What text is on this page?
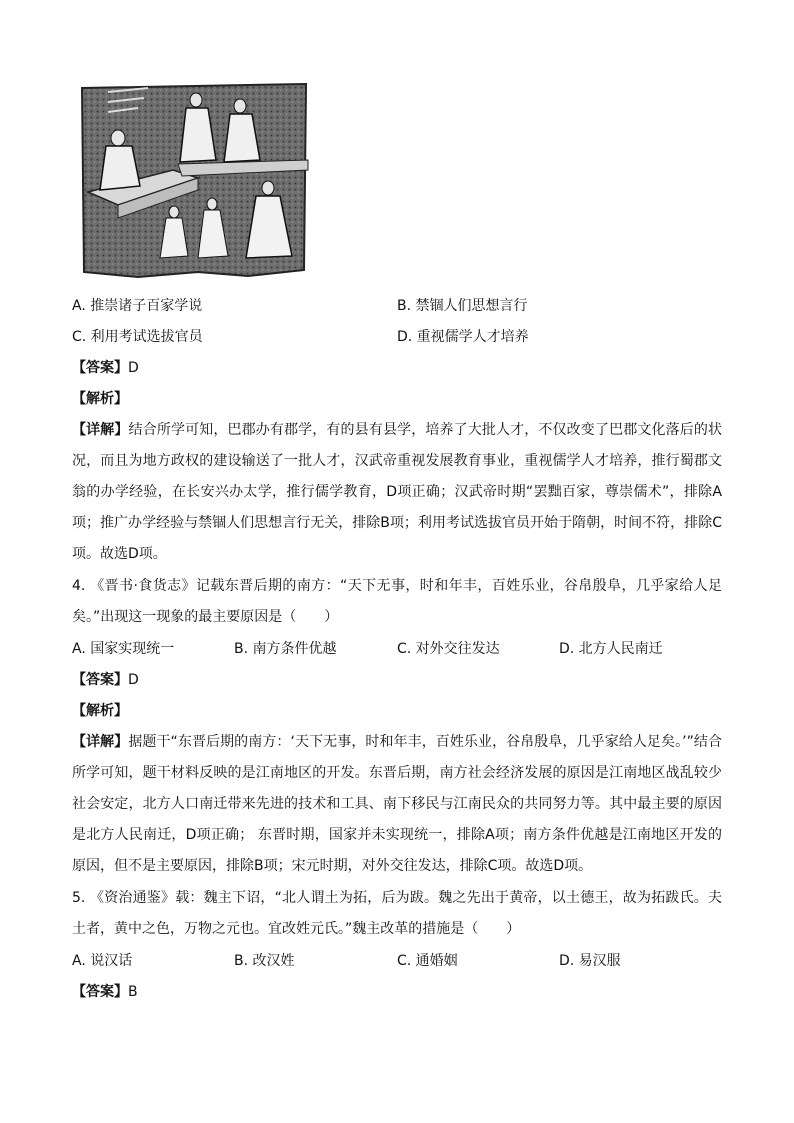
A. 推崇诸子百家学说	B. 禁锢人们思想言行
C. 利用考试选拔官员	D. 重视儒学人才培养
【答案】D
【解析】
【详解】结合所学可知，巴郡办有郡学，有的县有县学，培养了大批人才，不仅改变了巴郡文化落后的状况，而且为地方政权的建设输送了一批人才，汉武帝重视发展教育事业，重视儒学人才培养，推行蜀郡文翁的办学经验，在长安兴办太学，推行儒学教育，D项正确；汉武帝时期“罢黜百家，尊崇儒术”，排除A项；推广办学经验与禁锢人们思想言行无关，排除B项；利用考试选拔官员开始于隋朝，时间不符，排除C项。故选D项。
4. 《晋书·食货志》记载东晋后期的南方：“天下无事，时和年丰，百姓乐业，谷帛殷阜，几乎家给人足矣。”出现这一现象的最主要原因是（　　）
A. 国家实现统一	B. 南方条件优越	C. 对外交往发达	D. 北方人民南迁
【答案】D
【解析】
【详解】据题干“东晋后期的南方：‘天下无事，时和年丰，百姓乐业，谷帛殷阜，几乎家给人足矣。’”结合所学可知，题干材料反映的是江南地区的开发。东晋后期，南方社会经济发展的原因是江南地区战乱较少社会安定，北方人口南迁带来先进的技术和工具、南下移民与江南民众的共同努力等。其中最主要的原因是北方人民南迁，D项正确； 东晋时期，国家并未实现统一，排除A项；南方条件优越是江南地区开发的原因，但不是主要原因，排除B项；宋元时期，对外交往发达，排除C项。故选D项。
5. 《资治通鉴》载：魏主下诏，“北人谓土为拓，后为跋。魏之先出于黄帝，以土德王，故为拓跋氏。夫土者，黄中之色，万物之元也。宜改姓元氏。”魏主改革的措施是（　　）
A. 说汉话	B. 改汉姓	C. 通婚姻	D. 易汉服
【答案】B
